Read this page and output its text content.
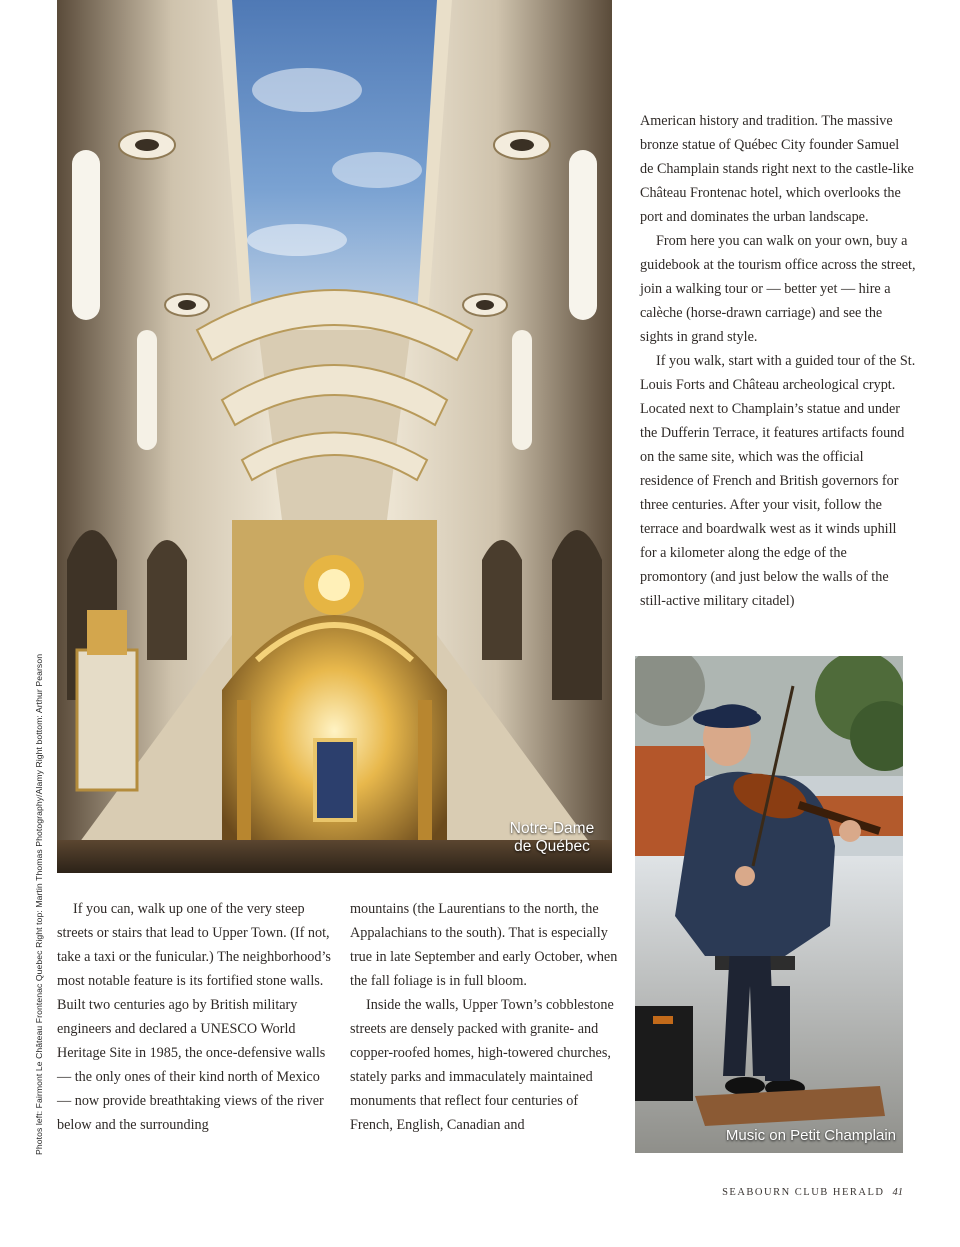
Notre-Dame
de Québec
Music on Petit Champlain
Photos left: Fairmont Le Château Frontenac Quebec Right top: Martin Thomas Photography/Alamy Right bottom: Arthur Pearson

American history and tradition. The massive bronze statue of Québec City founder Samuel de Champlain stands right next to the castle-like Château Frontenac hotel, which overlooks the port and dominates the urban landscape.

From here you can walk on your own, buy a guidebook at the tourism office across the street, join a walking tour or — better yet — hire a calèche (horse-drawn carriage) and see the sights in grand style.

If you walk, start with a guided tour of the St. Louis Forts and Château archeological crypt. Located next to Champlain’s statue and under the Dufferin Terrace, it features artifacts found on the same site, which was the official residence of French and British governors for three centuries. After your visit, follow the terrace and boardwalk west as it winds uphill for a kilometer along the edge of the promontory (and just below the walls of the still-active military citadel)

If you can, walk up one of the very steep streets or stairs that lead to Upper Town. (If not, take a taxi or the funicular.) The neighborhood’s most notable feature is its fortified stone walls. Built two centuries ago by British military engineers and declared a UNESCO World Heritage Site in 1985, the once-defensive walls — the only ones of their kind north of Mexico — now provide breathtaking views of the river below and the surrounding

mountains (the Laurentians to the north, the Appalachians to the south). That is especially true in late September and early October, when the fall foliage is in full bloom.

Inside the walls, Upper Town’s cobblestone streets are densely packed with granite- and copper-roofed homes, high-towered churches, stately parks and immaculately maintained monuments that reflect four centuries of French, English, Canadian and

SEABOURN CLUB HERALD 41
